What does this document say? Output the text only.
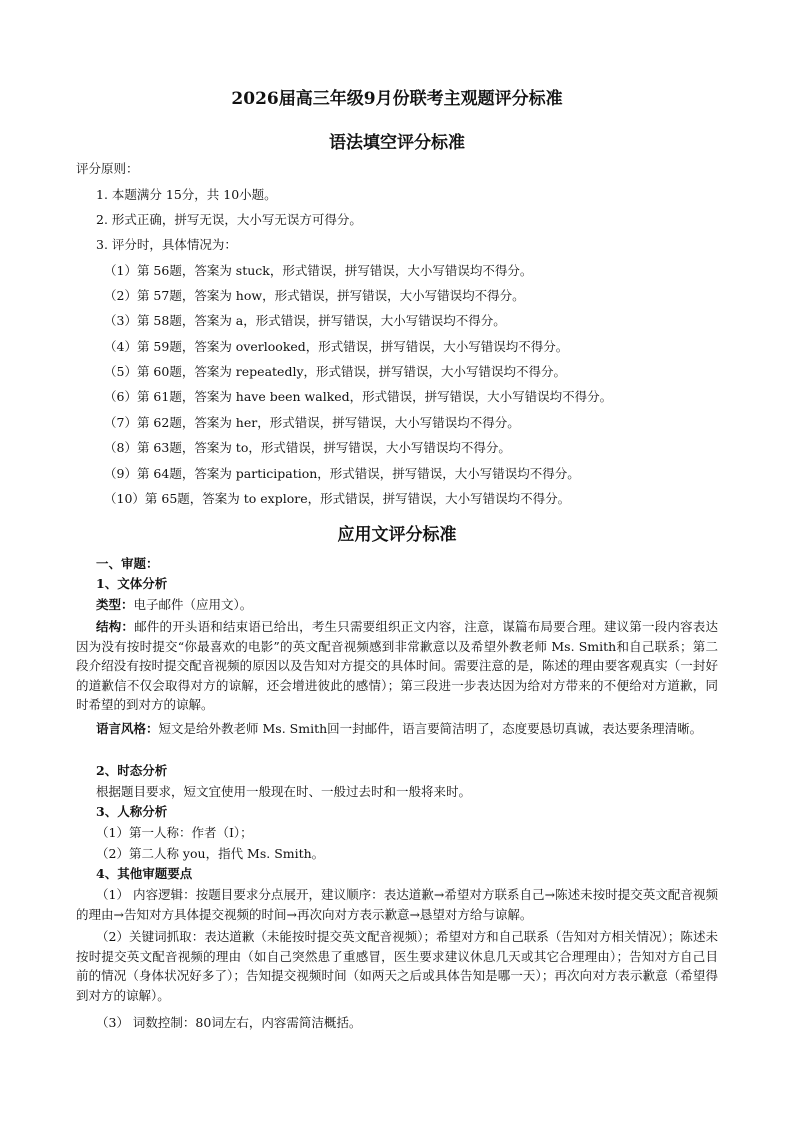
2026届高三年级9月份联考主观题评分标准
语法填空评分标准
评分原则：
1. 本题满分 15分，共 10小题。
2. 形式正确，拼写无误，大小写无误方可得分。
3. 评分时，具体情况为：
（1）第 56题，答案为 stuck，形式错误，拼写错误，大小写错误均不得分。
（2）第 57题，答案为 how，形式错误，拼写错误，大小写错误均不得分。
（3）第 58题，答案为 a，形式错误，拼写错误，大小写错误均不得分。
（4）第 59题，答案为 overlooked，形式错误，拼写错误，大小写错误均不得分。
（5）第 60题，答案为 repeatedly，形式错误，拼写错误，大小写错误均不得分。
（6）第 61题，答案为 have been walked，形式错误，拼写错误，大小写错误均不得分。
（7）第 62题，答案为 her，形式错误，拼写错误，大小写错误均不得分。
（8）第 63题，答案为 to，形式错误，拼写错误，大小写错误均不得分。
（9）第 64题，答案为 participation，形式错误，拼写错误，大小写错误均不得分。
（10）第 65题，答案为 to explore，形式错误，拼写错误，大小写错误均不得分。
应用文评分标准
一、审题：
1、文体分析
类型：电子邮件（应用文）。
结构：邮件的开头语和结束语已给出，考生只需要组织正文内容，注意，谋篇布局要合理。建议第一段内容表达因为没有按时提交“你最喜欢的电影”的英文配音视频感到非常歉意以及希望外教老师 Ms. Smith和自己联系；第二段介绍没有按时提交配音视频的原因以及告知对方提交的具体时间。需要注意的是，陈述的理由要客观真实（一封好的道歉信不仅会取得对方的谅解，还会增进彼此的感情）；第三段进一步表达因为给对方带来的不便给对方道歉，同时希望的到对方的谅解。
语言风格：短文是给外教老师 Ms. Smith回一封邮件，语言要简洁明了，态度要恳切真诚，表达要条理清晰。
2、时态分析
根据题目要求，短文宜使用一般现在时、一般过去时和一般将来时。
3、人称分析
（1）第一人称：作者（I）；
（2）第二人称 you，指代 Ms. Smith。
4、其他审题要点
（1） 内容逻辑：按题目要求分点展开，建议顺序：表达道歉→希望对方联系自己→陈述未按时提交英文配音视频的理由→告知对方具体提交视频的时间→再次向对方表示歉意→恳望对方给与谅解。
（2）关键词抓取：表达道歉（未能按时提交英文配音视频）；希望对方和自己联系（告知对方相关情况）；陈述未按时提交英文配音视频的理由（如自己突然患了重感冒，医生要求建议休息几天或其它合理理由）；告知对方自己目前的情况（身体状况好多了）；告知提交视频时间（如两天之后或具体告知是哪一天）；再次向对方表示歉意（希望得到对方的谅解）。
（3） 词数控制：80词左右，内容需简洁概括。
